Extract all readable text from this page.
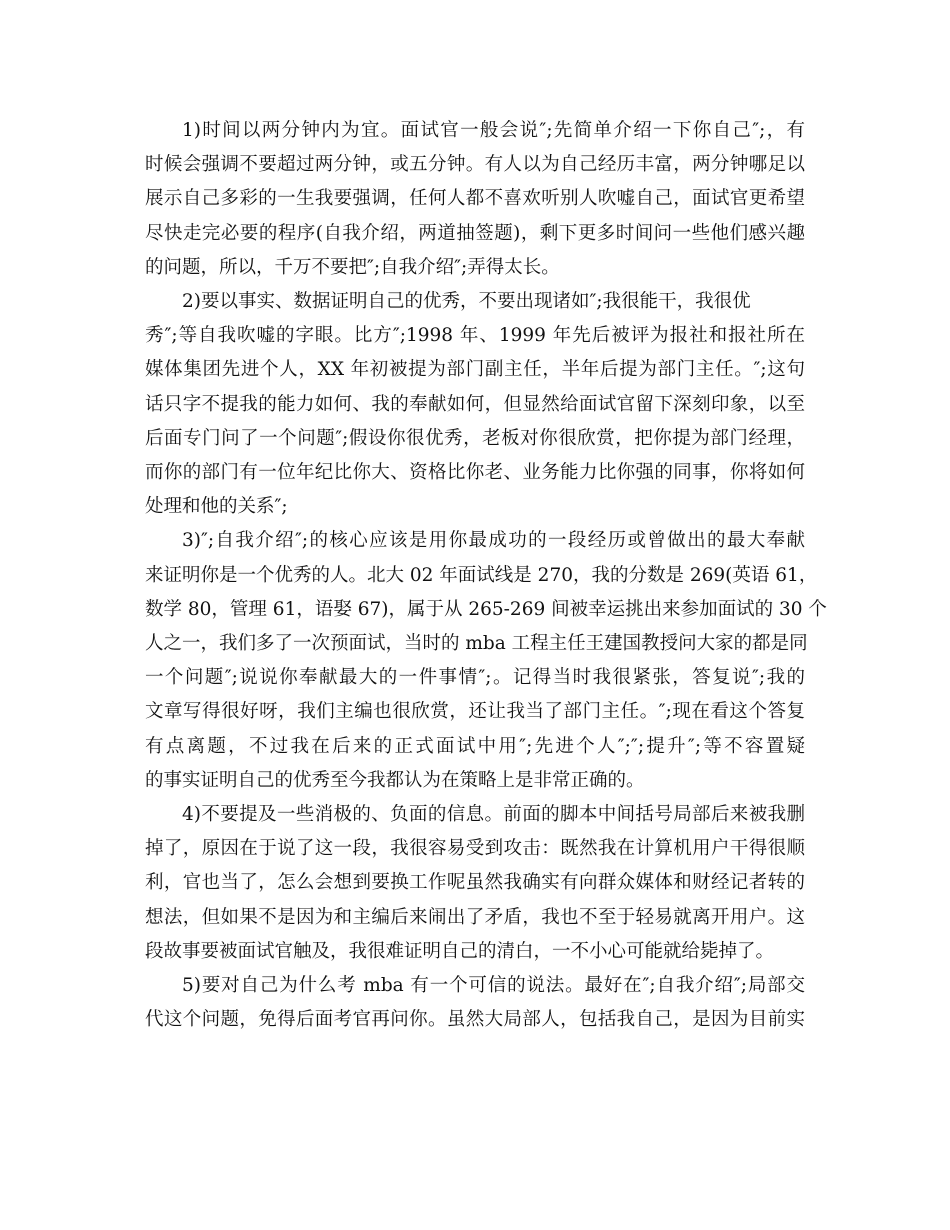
1)时间以两分钟内为宜。面试官一般会说″;先简单介绍一下你自己″;，有
时候会强调不要超过两分钟，或五分钟。有人以为自己经历丰富，两分钟哪足以
展示自己多彩的一生我要强调，任何人都不喜欢听别人吹嘘自己，面试官更希望
尽快走完必要的程序(自我介绍，两道抽签题)，剩下更多时间问一些他们感兴趣
的问题，所以，千万不要把″;自我介绍″;弄得太长。

2)要以事实、数据证明自己的优秀，不要出现诸如″;我很能干，我很优
秀″;等自我吹嘘的字眼。比方″;1998 年、1999 年先后被评为报社和报社所在
媒体集团先进个人，XX 年初被提为部门副主任，半年后提为部门主任。″;这句
话只字不提我的能力如何、我的奉献如何，但显然给面试官留下深刻印象，以至
后面专门问了一个问题″;假设你很优秀，老板对你很欣赏，把你提为部门经理，
而你的部门有一位年纪比你大、资格比你老、业务能力比你强的同事，你将如何
处理和他的关系″;

3)″;自我介绍″;的核心应该是用你最成功的一段经历或曾做出的最大奉献
来证明你是一个优秀的人。北大 02 年面试线是 270，我的分数是 269(英语 61，
数学 80，管理 61，语娶 67)，属于从 265-269 间被幸运挑出来参加面试的 30 个
人之一，我们多了一次预面试，当时的 mba 工程主任王建国教授问大家的都是同
一个问题″;说说你奉献最大的一件事情″;。记得当时我很紧张，答复说″;我的
文章写得很好呀，我们主编也很欣赏，还让我当了部门主任。″;现在看这个答复
有点离题，不过我在后来的正式面试中用″;先进个人″;″;提升″;等不容置疑
的事实证明自己的优秀至今我都认为在策略上是非常正确的。

4)不要提及一些消极的、负面的信息。前面的脚本中间括号局部后来被我删
掉了，原因在于说了这一段，我很容易受到攻击：既然我在计算机用户干得很顺
利，官也当了，怎么会想到要换工作呢虽然我确实有向群众媒体和财经记者转的
想法，但如果不是因为和主编后来闹出了矛盾，我也不至于轻易就离开用户。这
段故事要被面试官触及，我很难证明自己的清白，一不小心可能就给毙掉了。

5)要对自己为什么考 mba 有一个可信的说法。最好在″;自我介绍″;局部交
代这个问题，免得后面考官再问你。虽然大局部人，包括我自己，是因为目前实
